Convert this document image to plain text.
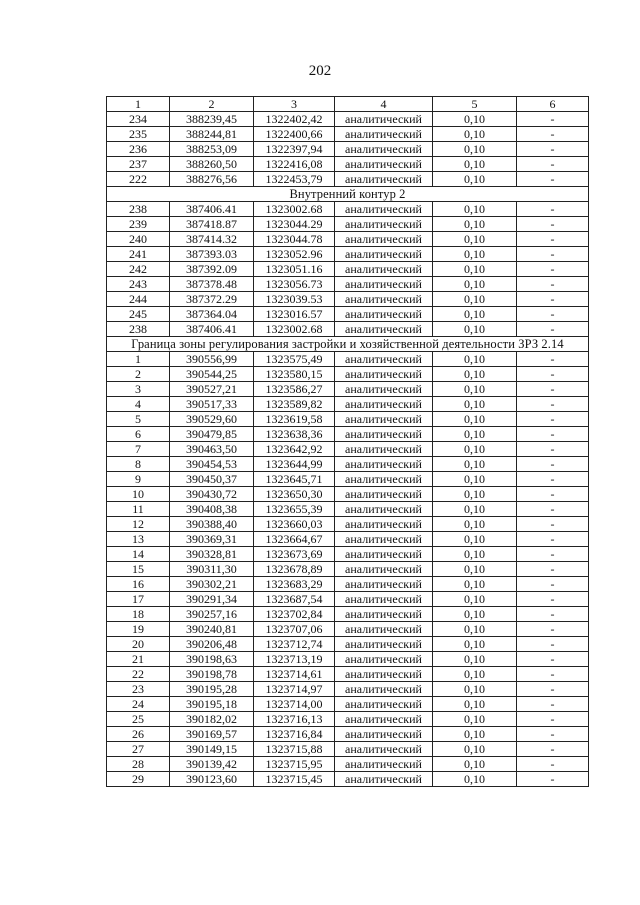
202
1	2	3	4	5	6
234	388239,45	1322402,42	аналитический	0,10	-
235	388244,81	1322400,66	аналитический	0,10	-
236	388253,09	1322397,94	аналитический	0,10	-
237	388260,50	1322416,08	аналитический	0,10	-
222	388276,56	1322453,79	аналитический	0,10	-
Внутренний контур 2					
238	387406.41	1323002.68	аналитический	0,10	-
239	387418.87	1323044.29	аналитический	0,10	-
240	387414.32	1323044.78	аналитический	0,10	-
241	387393.03	1323052.96	аналитический	0,10	-
242	387392.09	1323051.16	аналитический	0,10	-
243	387378.48	1323056.73	аналитический	0,10	-
244	387372.29	1323039.53	аналитический	0,10	-
245	387364.04	1323016.57	аналитический	0,10	-
238	387406.41	1323002.68	аналитический	0,10	-
Граница зоны регулирования застройки и хозяйственной деятельности ЗРЗ 2.14					
1	390556,99	1323575,49	аналитический	0,10	-
2	390544,25	1323580,15	аналитический	0,10	-
3	390527,21	1323586,27	аналитический	0,10	-
4	390517,33	1323589,82	аналитический	0,10	-
5	390529,60	1323619,58	аналитический	0,10	-
6	390479,85	1323638,36	аналитический	0,10	-
7	390463,50	1323642,92	аналитический	0,10	-
8	390454,53	1323644,99	аналитический	0,10	-
9	390450,37	1323645,71	аналитический	0,10	-
10	390430,72	1323650,30	аналитический	0,10	-
11	390408,38	1323655,39	аналитический	0,10	-
12	390388,40	1323660,03	аналитический	0,10	-
13	390369,31	1323664,67	аналитический	0,10	-
14	390328,81	1323673,69	аналитический	0,10	-
15	390311,30	1323678,89	аналитический	0,10	-
16	390302,21	1323683,29	аналитический	0,10	-
17	390291,34	1323687,54	аналитический	0,10	-
18	390257,16	1323702,84	аналитический	0,10	-
19	390240,81	1323707,06	аналитический	0,10	-
20	390206,48	1323712,74	аналитический	0,10	-
21	390198,63	1323713,19	аналитический	0,10	-
22	390198,78	1323714,61	аналитический	0,10	-
23	390195,28	1323714,97	аналитический	0,10	-
24	390195,18	1323714,00	аналитический	0,10	-
25	390182,02	1323716,13	аналитический	0,10	-
26	390169,57	1323716,84	аналитический	0,10	-
27	390149,15	1323715,88	аналитический	0,10	-
28	390139,42	1323715,95	аналитический	0,10	-
29	390123,60	1323715,45	аналитический	0,10	-
